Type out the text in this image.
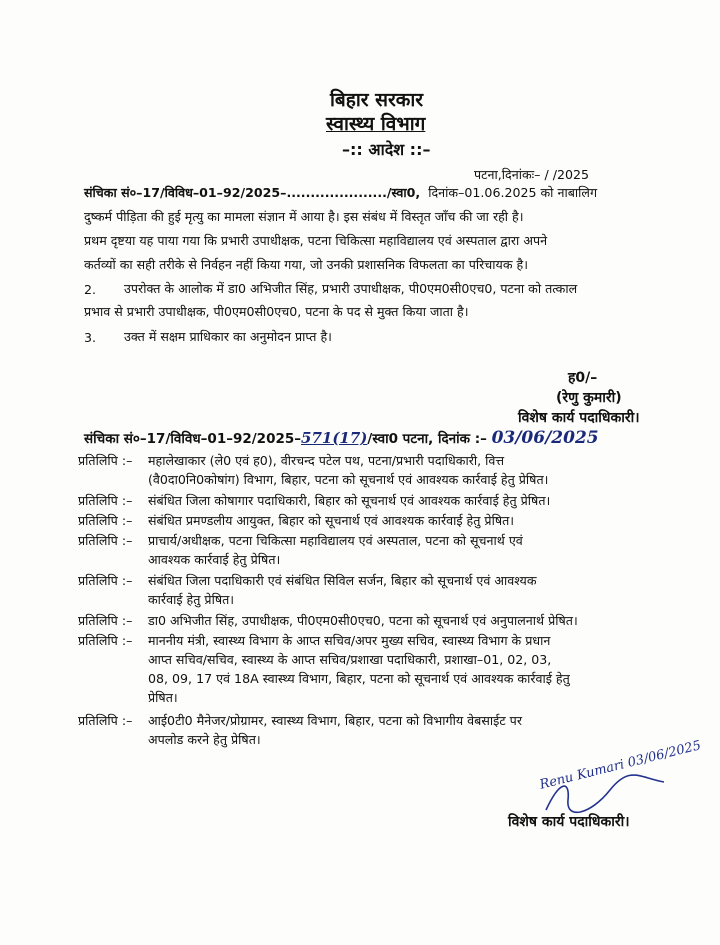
बिहार सरकार
स्वास्थ्य विभाग
–:: आदेश ::–
पटना,दिनांकः– / /2025
संचिका सं०–17/विविध–01–92/2025–...................../स्वा0, दिनांक–01.06.2025 को नाबालिग
दुष्कर्म पीड़िता की हुई मृत्यु का मामला संज्ञान में आया है। इस संबंध में विस्तृत जाँच की जा रही है।
प्रथम दृष्टया यह पाया गया कि प्रभारी उपाधीक्षक, पटना चिकित्सा महाविद्यालय एवं अस्पताल द्वारा अपने
कर्तव्यों का सही तरीके से निर्वहन नहीं किया गया, जो उनकी प्रशासनिक विफलता का परिचायक है।
2. उपरोक्त के आलोक में डा0 अभिजीत सिंह, प्रभारी उपाधीक्षक, पी0एम0सी0एच0, पटना को तत्काल
प्रभाव से प्रभारी उपाधीक्षक, पी0एम0सी0एच0, पटना के पद से मुक्त किया जाता है।
3. उक्त में सक्षम प्राधिकार का अनुमोदन प्राप्त है।
ह0/–
(रेणु कुमारी)
विशेष कार्य पदाधिकारी।
संचिका सं०–17/विविध–01–92/2025–571(17)/स्वा0 पटना, दिनांक :– 03/06/2025
प्रतिलिपि :–	महालेखाकार (ले0 एवं ह0), वीरचन्द पटेल पथ, पटना/प्रभारी पदाधिकारी, वित्त
(वै0दा0नि0कोषांग) विभाग, बिहार, पटना को सूचनार्थ एवं आवश्यक कार्रवाई हेतु प्रेषित।
प्रतिलिपि :–	संबंधित जिला कोषागार पदाधिकारी, बिहार को सूचनार्थ एवं आवश्यक कार्रवाई हेतु प्रेषित।
प्रतिलिपि :–	संबंधित प्रमण्डलीय आयुक्त, बिहार को सूचनार्थ एवं आवश्यक कार्रवाई हेतु प्रेषित।
प्रतिलिपि :–	प्राचार्य/अधीक्षक, पटना चिकित्सा महाविद्यालय एवं अस्पताल, पटना को सूचनार्थ एवं
आवश्यक कार्रवाई हेतु प्रेषित।
प्रतिलिपि :–	संबंधित जिला पदाधिकारी एवं संबंधित सिविल सर्जन, बिहार को सूचनार्थ एवं आवश्यक
कार्रवाई हेतु प्रेषित।
प्रतिलिपि :–	डा0 अभिजीत सिंह, उपाधीक्षक, पी0एम0सी0एच0, पटना को सूचनार्थ एवं अनुपालनार्थ प्रेषित।
प्रतिलिपि :–	माननीय मंत्री, स्वास्थ्य विभाग के आप्त सचिव/अपर मुख्य सचिव, स्वास्थ्य विभाग के प्रधान
आप्त सचिव/सचिव, स्वास्थ्य के आप्त सचिव/प्रशाखा पदाधिकारी, प्रशाखा–01, 02, 03,
08, 09, 17 एवं 18A स्वास्थ्य विभाग, बिहार, पटना को सूचनार्थ एवं आवश्यक कार्रवाई हेतु
प्रेषित।
प्रतिलिपि :–	आई0टी0 मैनेजर/प्रोग्रामर, स्वास्थ्य विभाग, बिहार, पटना को विभागीय वेबसाईट पर
अपलोड करने हेतु प्रेषित।	Renu Kumari 03/06/2025
विशेष कार्य पदाधिकारी।
